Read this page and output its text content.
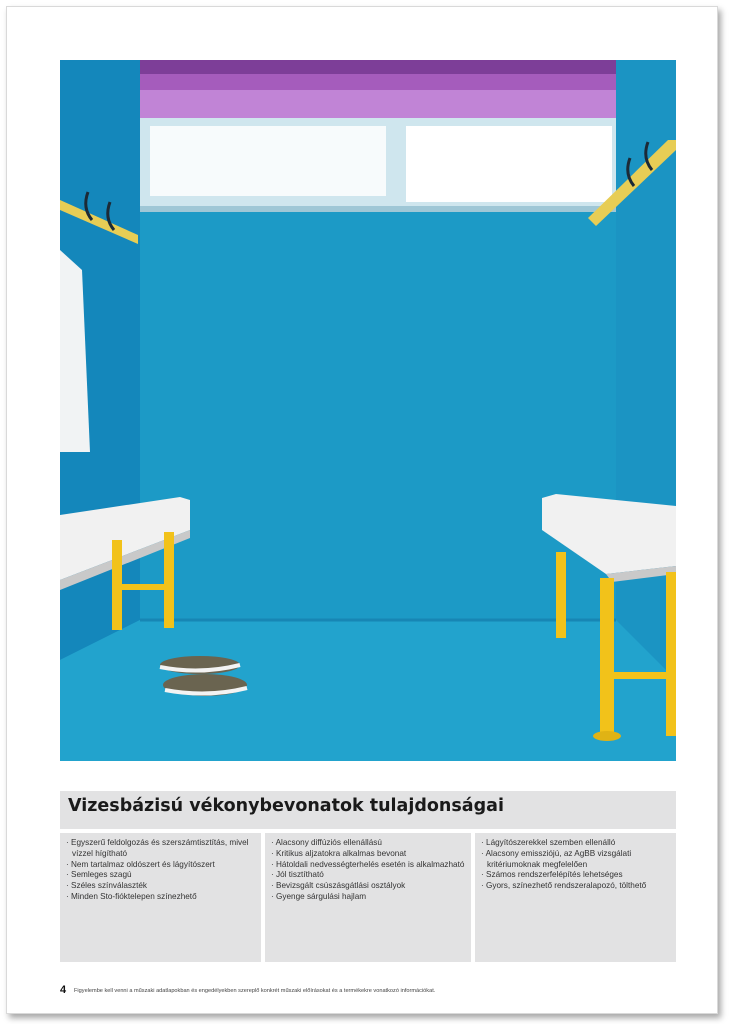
Vizesbázisú vékonybevonatok tulajdonságai
· Egyszerű feldolgozás és szerszámtisztítás, mivel vízzel hígítható
· Nem tartalmaz oldószert és lágyítószert
· Semleges szagú
· Széles színválaszték
· Minden Sto-fióktelepen színezhető
· Alacsony diffúziós ellenállású
· Kritikus aljzatokra alkalmas bevonat
· Hátoldali nedvességterhelés esetén is alkalmazható
· Jól tisztítható
· Bevizsgált csúszásgátlási osztályok
· Gyenge sárgulási hajlam
· Lágyítószerekkel szemben ellenálló
· Alacsony emissziójú, az AgBB vizsgálati kritériumoknak megfelelően
· Számos rendszerfelépítés lehetséges
· Gyors, színezhető rendszeralapozó, tölthető
4 Figyelembe kell venni a műszaki adatlapokban és engedélyekben szereplő konkrét műszaki előírásokat és a termékekre vonatkozó információkat.
